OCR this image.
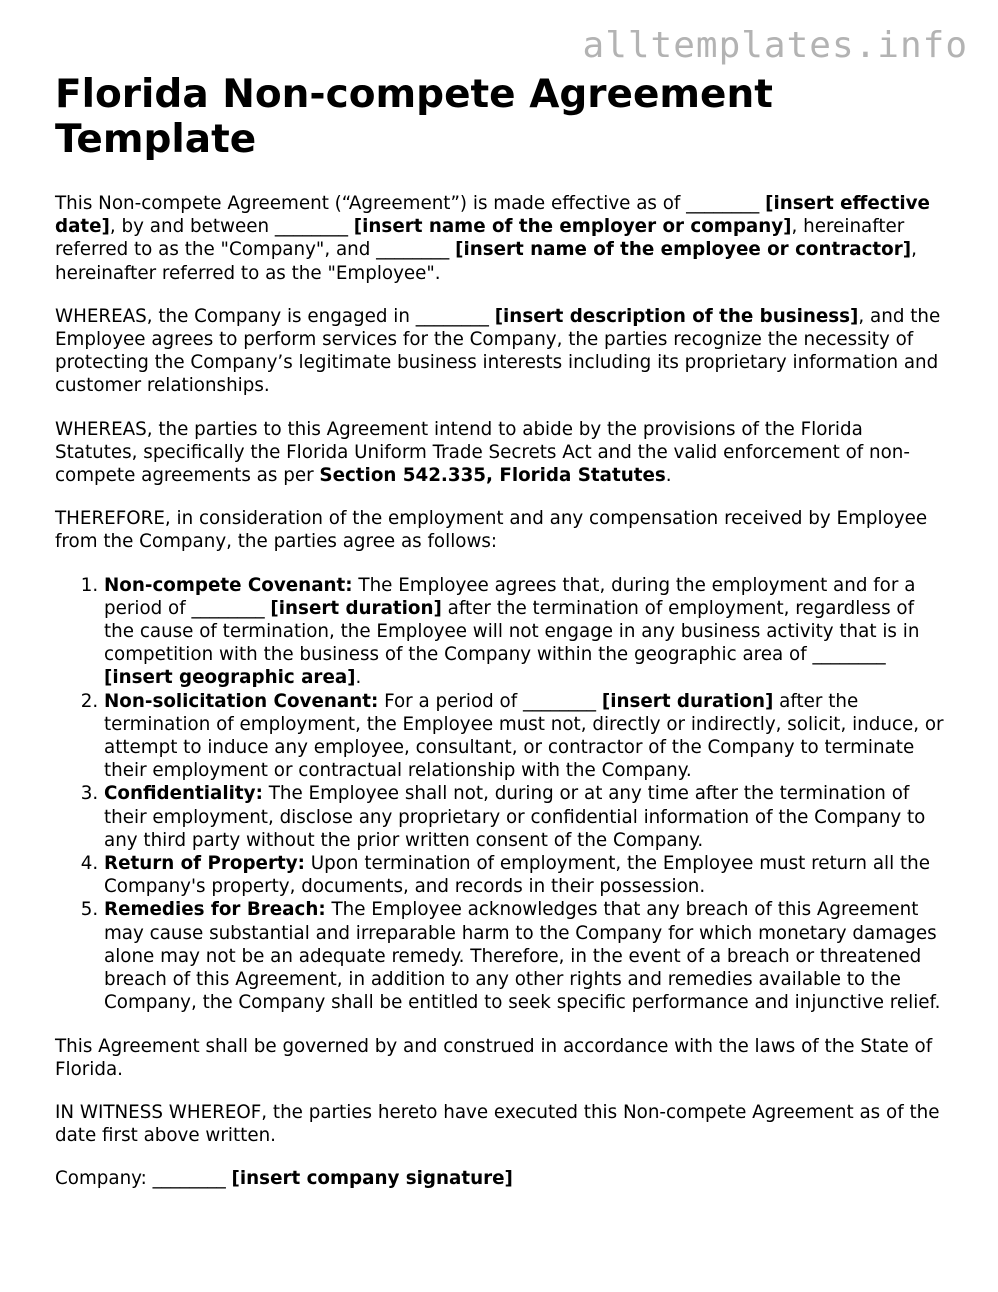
alltemplates.info
Florida Non-compete Agreement Template

This Non-compete Agreement (“Agreement”) is made effective as of ________ [insert effective date], by and between ________ [insert name of the employer or company], hereinafter referred to as the "Company", and ________ [insert name of the employee or contractor], hereinafter referred to as the "Employee".

WHEREAS, the Company is engaged in ________ [insert description of the business], and the Employee agrees to perform services for the Company, the parties recognize the necessity of protecting the Company’s legitimate business interests including its proprietary information and customer relationships.

WHEREAS, the parties to this Agreement intend to abide by the provisions of the Florida Statutes, specifically the Florida Uniform Trade Secrets Act and the valid enforcement of non-compete agreements as per Section 542.335, Florida Statutes.

THEREFORE, in consideration of the employment and any compensation received by Employee from the Company, the parties agree as follows:

1. Non-compete Covenant: The Employee agrees that, during the employment and for a period of ________ [insert duration] after the termination of employment, regardless of the cause of termination, the Employee will not engage in any business activity that is in competition with the business of the Company within the geographic area of ________ [insert geographic area].
2. Non-solicitation Covenant: For a period of ________ [insert duration] after the termination of employment, the Employee must not, directly or indirectly, solicit, induce, or attempt to induce any employee, consultant, or contractor of the Company to terminate their employment or contractual relationship with the Company.
3. Confidentiality: The Employee shall not, during or at any time after the termination of their employment, disclose any proprietary or confidential information of the Company to any third party without the prior written consent of the Company.
4. Return of Property: Upon termination of employment, the Employee must return all the Company's property, documents, and records in their possession.
5. Remedies for Breach: The Employee acknowledges that any breach of this Agreement may cause substantial and irreparable harm to the Company for which monetary damages alone may not be an adequate remedy. Therefore, in the event of a breach or threatened breach of this Agreement, in addition to any other rights and remedies available to the Company, the Company shall be entitled to seek specific performance and injunctive relief.

This Agreement shall be governed by and construed in accordance with the laws of the State of Florida.

IN WITNESS WHEREOF, the parties hereto have executed this Non-compete Agreement as of the date first above written.

Company: ________ [insert company signature]
